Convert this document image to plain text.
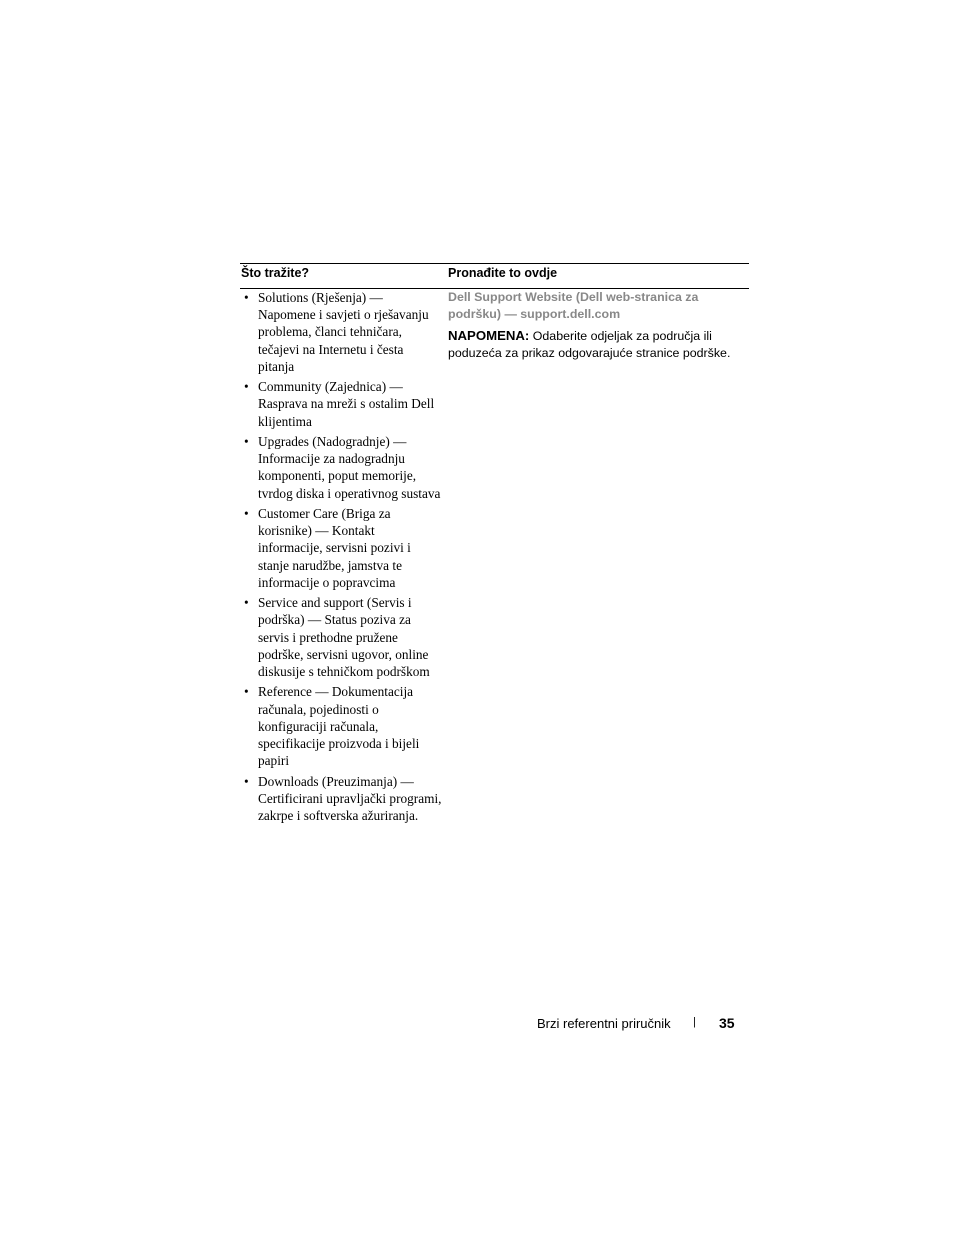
Što tražite?	Pronađite to ovdje
• Solutions (Rješenja) — Napomene i savjeti o rješavanju problema, članci tehničara, tečajevi na Internetu i česta pitanja
• Community (Zajednica) — Rasprava na mreži s ostalim Dell klijentima
• Upgrades (Nadogradnje) — Informacije za nadogradnju komponenti, poput memorije, tvrdog diska i operativnog sustava
• Customer Care (Briga za korisnike) — Kontakt informacije, servisni pozivi i stanje narudžbe, jamstva te informacije o popravcima
• Service and support (Servis i podrška) — Status poziva za servis i prethodne pružene podrške, servisni ugovor, online diskusije s tehničkom podrškom
• Reference — Dokumentacija računala, pojedinosti o konfiguraciji računala, specifikacije proizvoda i bijeli papiri
• Downloads (Preuzimanja) — Certificirani upravljački programi, zakrpe i softverska ažuriranja.

Dell Support Website (Dell web-stranica za podršku) — support.dell.com

NAPOMENA: Odaberite odjeljak za područja ili poduzeća za prikaz odgovarajuće stranice podrške.

Brzi referentni priručnik | 35
